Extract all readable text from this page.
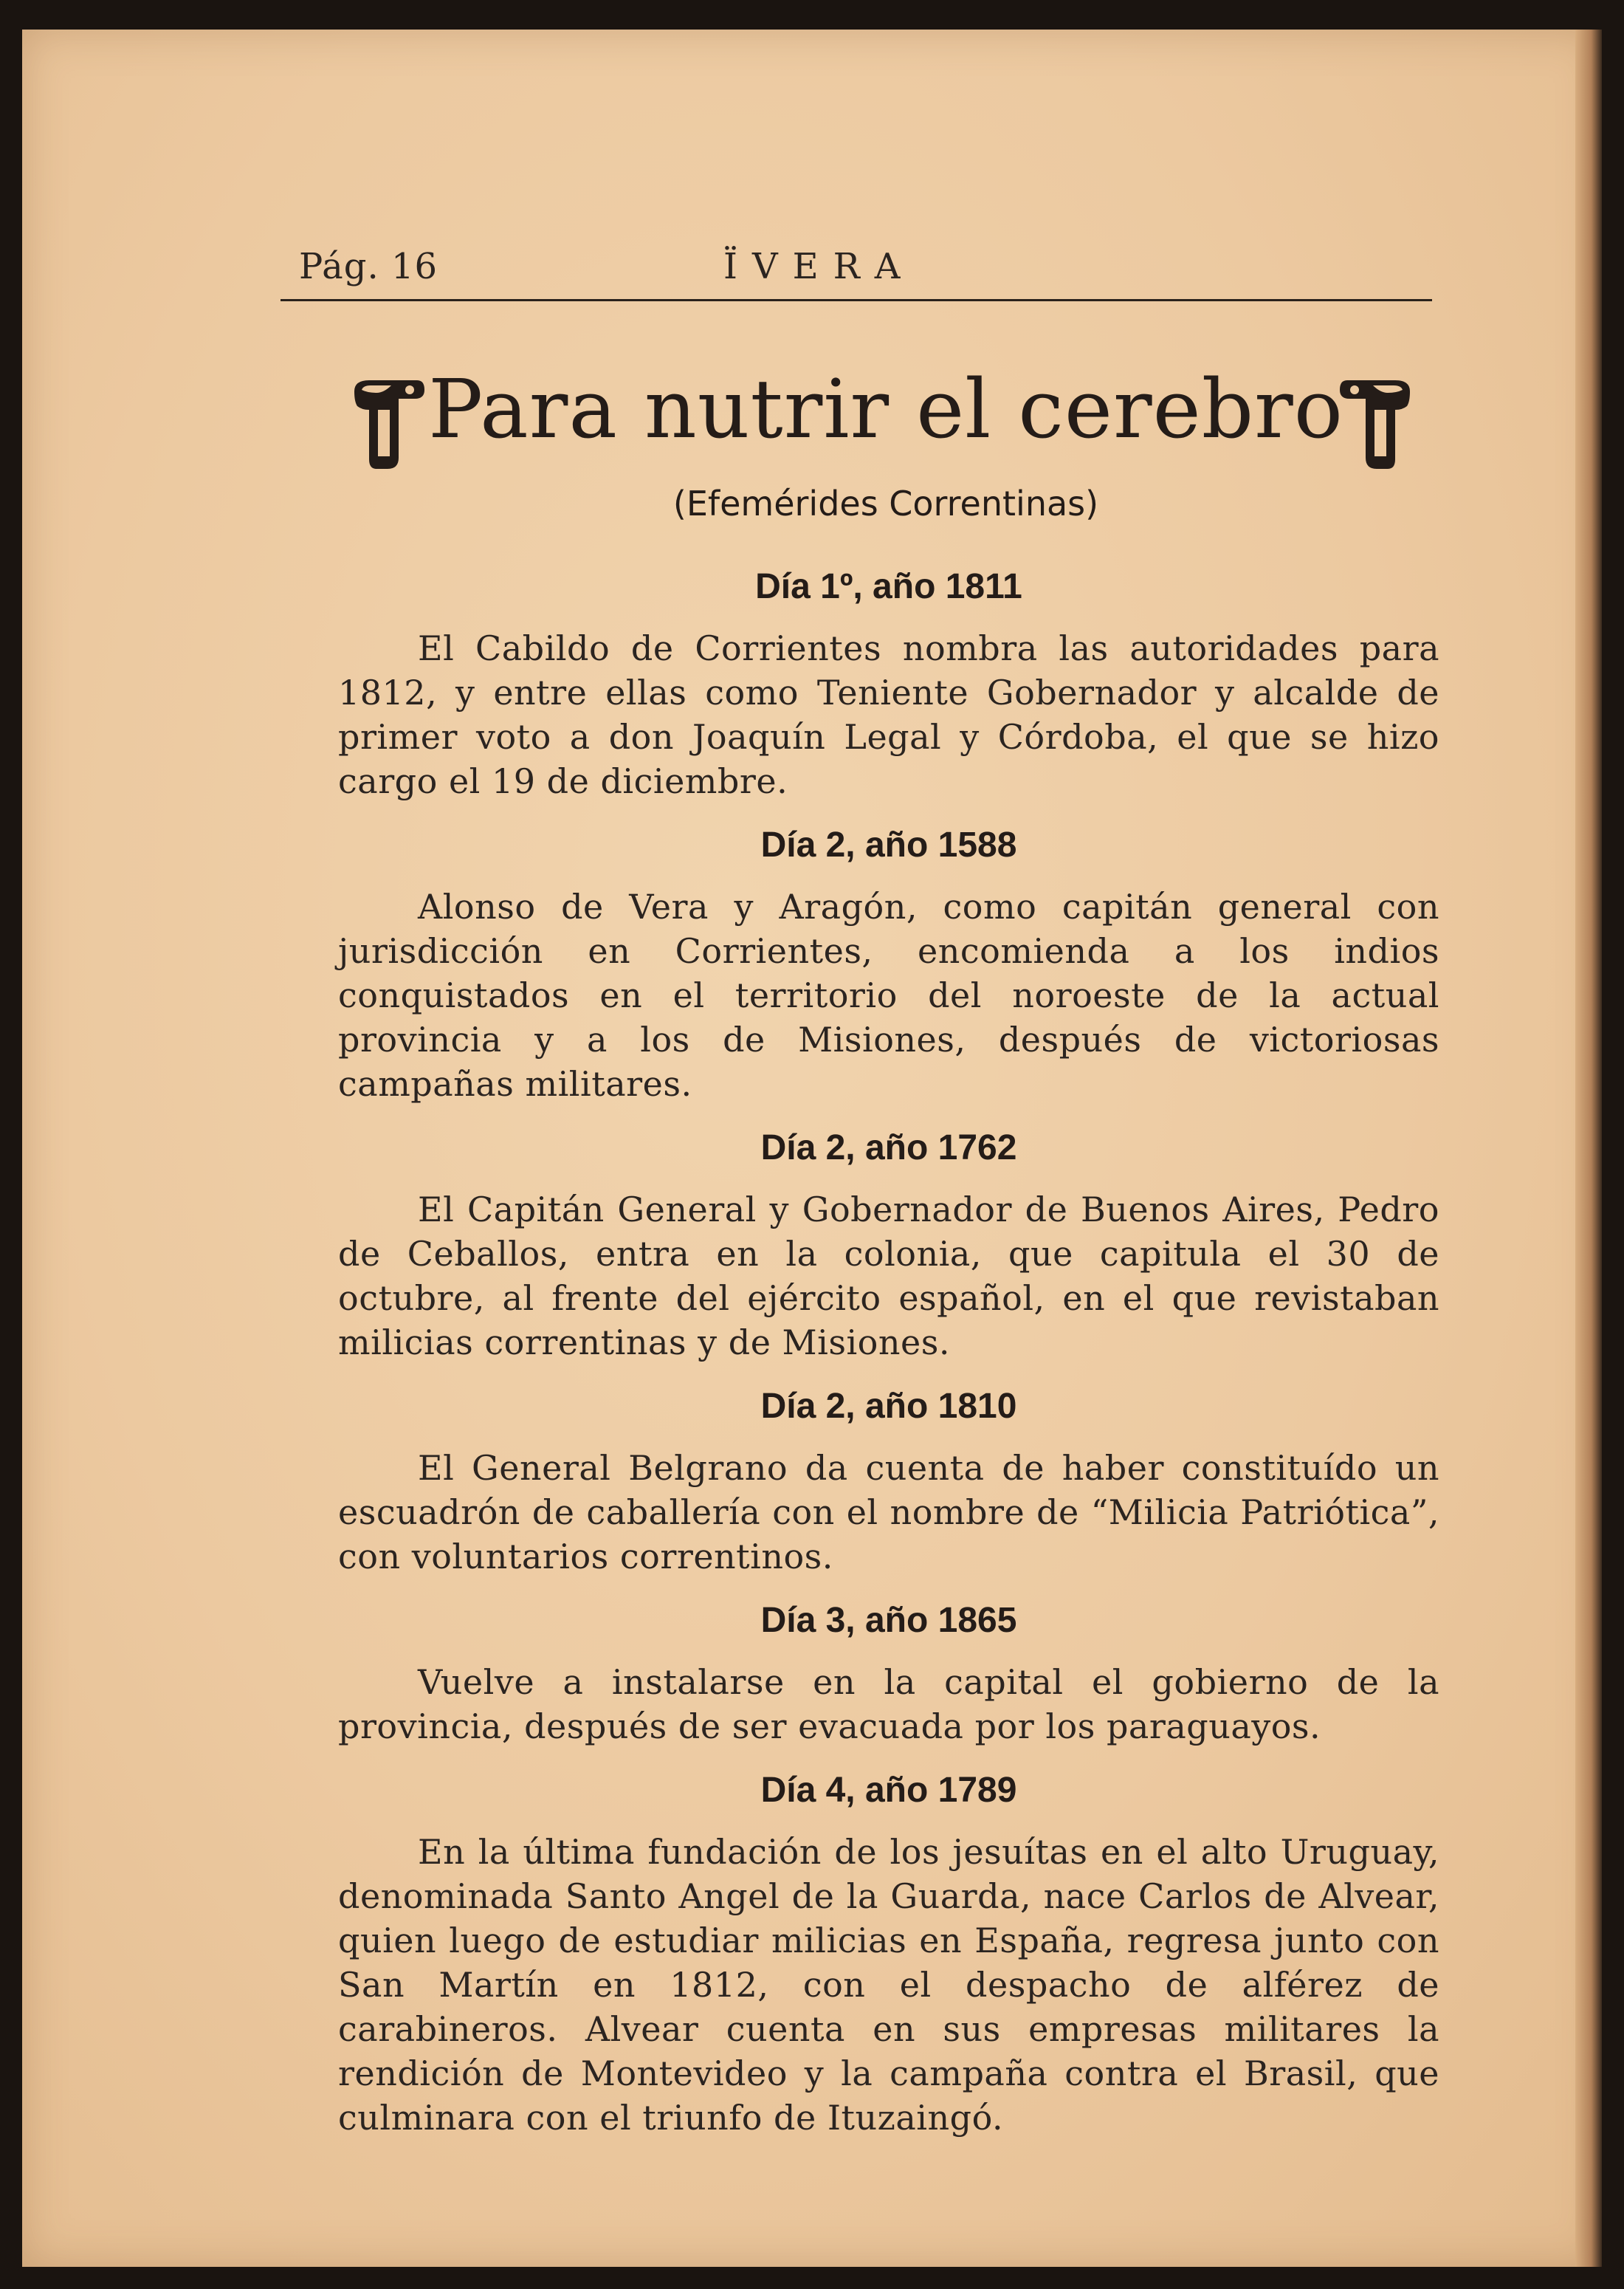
Pág. 16	ÏVERA
Para nutrir el cerebro
(Efemérides Correntinas)
Día 1º, año 1811

El Cabildo de Corrientes nombra las autoridades para 1812, y entre ellas como Teniente Gobernador y alcalde de primer voto a don Joaquín Legal y Córdoba, el que se hizo cargo el 19 de diciembre.

Día 2, año 1588

Alonso de Vera y Aragón, como capitán general con jurisdicción en Corrientes, encomienda a los indios conquistados en el territorio del noroeste de la actual provincia y a los de Misiones, después de victoriosas campañas militares.

Día 2, año 1762

El Capitán General y Gobernador de Buenos Aires, Pedro de Ceballos, entra en la colonia, que capitula el 30 de octubre, al frente del ejército español, en el que revistaban milicias correntinas y de Misiones.

Día 2, año 1810

El General Belgrano da cuenta de haber constituído un escuadrón de caballería con el nombre de “Milicia Patriótica”, con voluntarios correntinos.

Día 3, año 1865

Vuelve a instalarse en la capital el gobierno de la provincia, después de ser evacuada por los paraguayos.

Día 4, año 1789

En la última fundación de los jesuítas en el alto Uruguay, denominada Santo Angel de la Guarda, nace Carlos de Alvear, quien luego de estudiar milicias en España, regresa junto con San Martín en 1812, con el despacho de alférez de carabineros. Alvear cuenta en sus empresas militares la rendición de Montevideo y la campaña contra el Brasil, que culminara con el triunfo de Ituzaingó.
